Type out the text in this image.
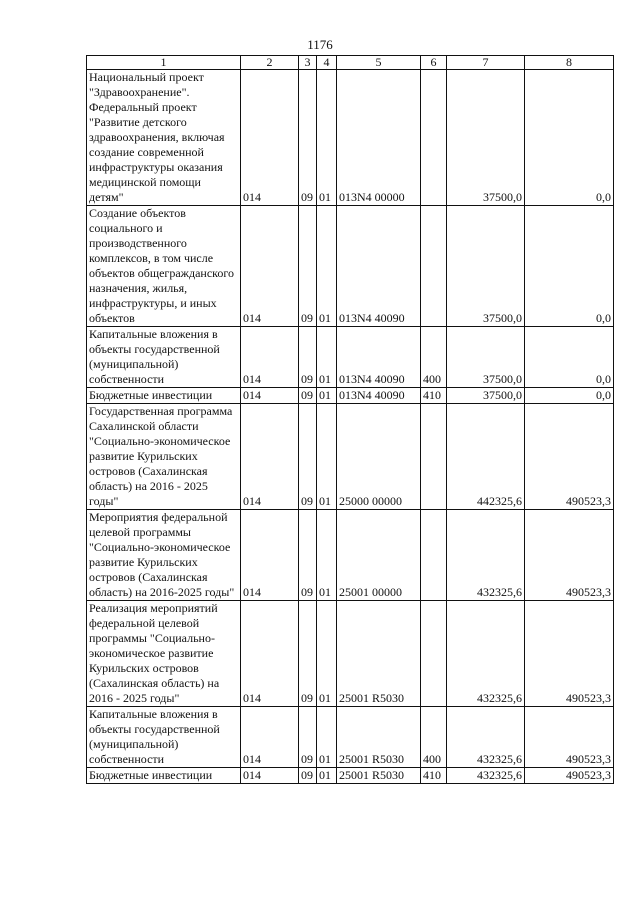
1176
1	2	3	4	5	6	7	8
Национальный проект "Здравоохранение". Федеральный проект "Развитие детского здравоохранения, включая создание современной инфраструктуры оказания медицинской помощи детям"	014	09	01	013N4 00000		37500,0	0,0
Создание объектов социального и производственного комплексов, в том числе объектов общегражданского назначения, жилья, инфраструктуры, и иных объектов	014	09	01	013N4 40090		37500,0	0,0
Капитальные вложения в объекты государственной (муниципальной) собственности	014	09	01	013N4 40090	400	37500,0	0,0
Бюджетные инвестиции	014	09	01	013N4 40090	410	37500,0	0,0
Государственная программа Сахалинской области "Социально-экономическое развитие Курильских островов (Сахалинская область) на 2016 - 2025 годы"	014	09	01	25000 00000		442325,6	490523,3
Мероприятия федеральной целевой программы "Социально-экономическое развитие Курильских островов (Сахалинская область) на 2016-2025 годы"	014	09	01	25001 00000		432325,6	490523,3
Реализация мероприятий федеральной целевой программы "Социально-экономическое развитие Курильских островов (Сахалинская область) на 2016 - 2025 годы"	014	09	01	25001 R5030		432325,6	490523,3
Капитальные вложения в объекты государственной (муниципальной) собственности	014	09	01	25001 R5030	400	432325,6	490523,3
Бюджетные инвестиции	014	09	01	25001 R5030	410	432325,6	490523,3
